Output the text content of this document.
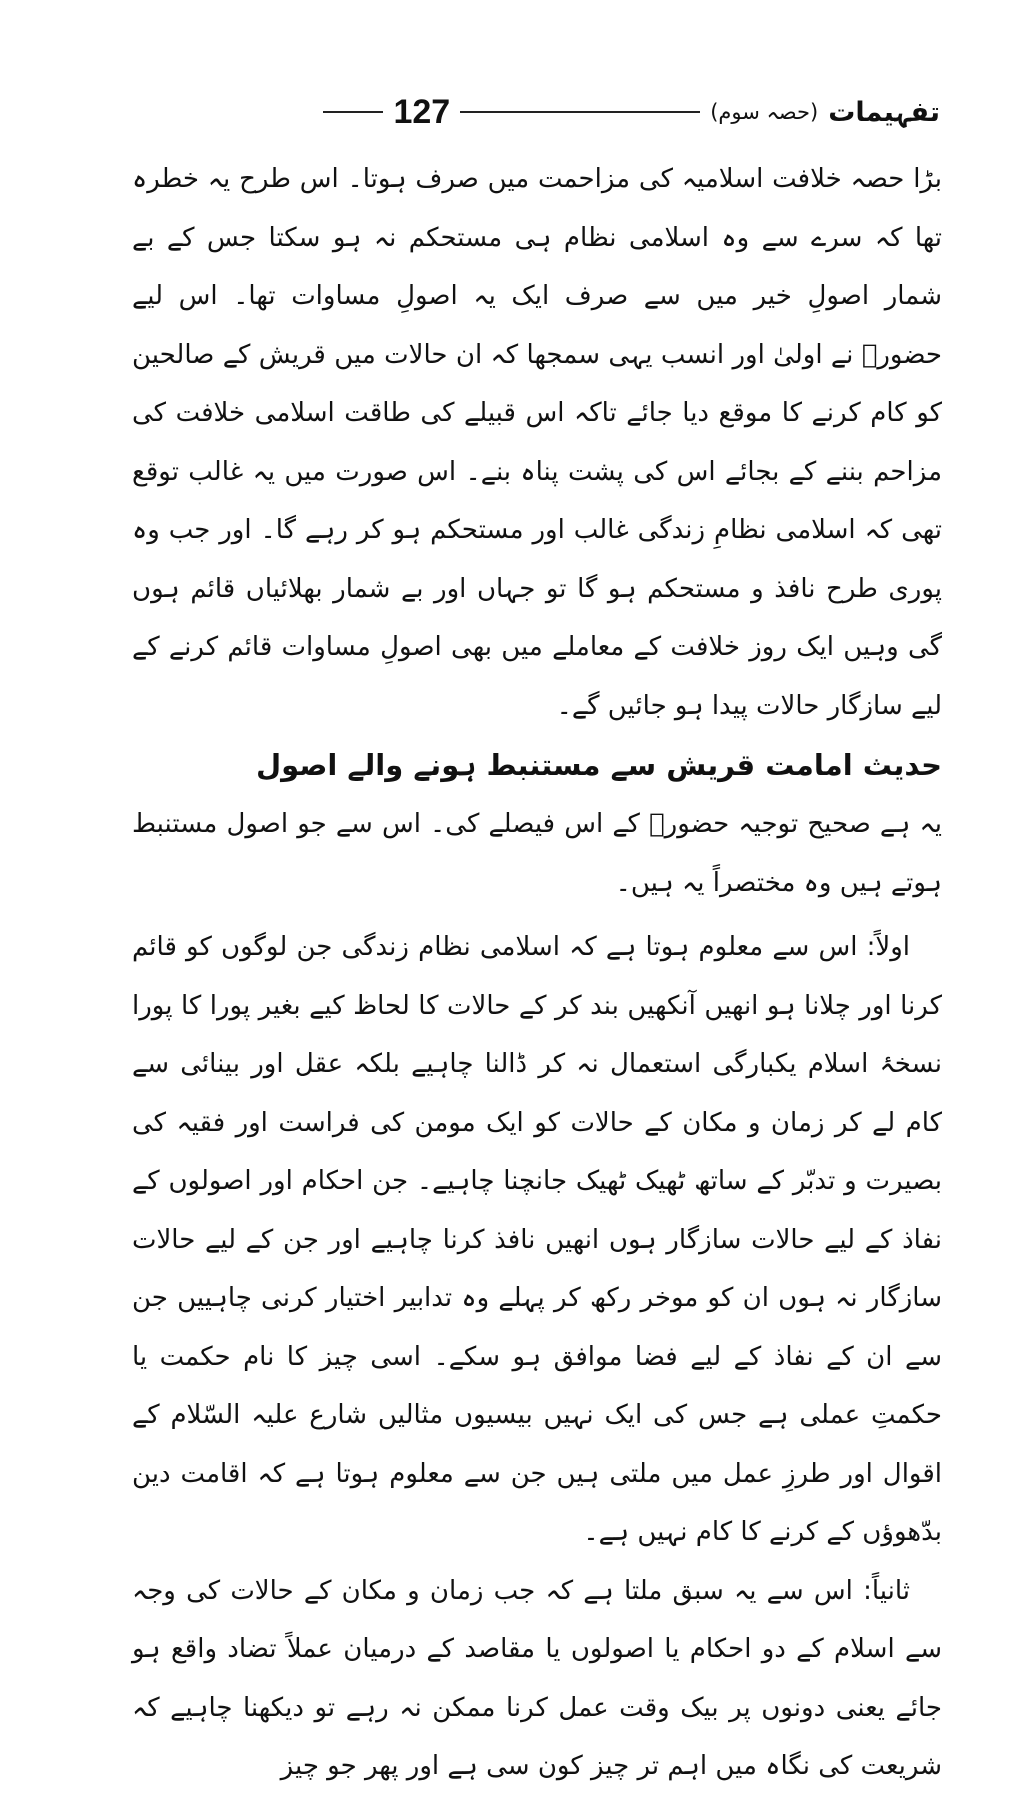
تفہیمات
(حصہ سوم)
127

بڑا حصہ خلافت اسلامیہ کی مزاحمت میں صرف ہوتا۔ اس طرح یہ خطرہ تھا کہ سرے سے وہ اسلامی نظام ہی مستحکم نہ ہو سکتا جس کے بے شمار اصولِ خیر میں سے صرف ایک یہ اصولِ مساوات تھا۔ اس لیے حضورؐ نے اولیٰ اور انسب یہی سمجھا کہ ان حالات میں قریش کے صالحین کو کام کرنے کا موقع دیا جائے تاکہ اس قبیلے کی طاقت اسلامی خلافت کی مزاحم بننے کے بجائے اس کی پشت پناہ بنے۔ اس صورت میں یہ غالب توقع تھی کہ اسلامی نظامِ زندگی غالب اور مستحکم ہو کر رہے گا۔ اور جب وہ پوری طرح نافذ و مستحکم ہو گا تو جہاں اور بے شمار بھلائیاں قائم ہوں گی وہیں ایک روز خلافت کے معاملے میں بھی اصولِ مساوات قائم کرنے کے لیے سازگار حالات پیدا ہو جائیں گے۔

حدیث امامت قریش سے مستنبط ہونے والے اصول

یہ ہے صحیح توجیہ حضورؐ کے اس فیصلے کی۔ اس سے جو اصول مستنبط ہوتے ہیں وہ مختصراً یہ ہیں۔

اولاً: اس سے معلوم ہوتا ہے کہ اسلامی نظام زندگی جن لوگوں کو قائم کرنا اور چلانا ہو انھیں آنکھیں بند کر کے حالات کا لحاظ کیے بغیر پورا کا پورا نسخۂ اسلام یکبارگی استعمال نہ کر ڈالنا چاہیے بلکہ عقل اور بینائی سے کام لے کر زمان و مکان کے حالات کو ایک مومن کی فراست اور فقیہ کی بصیرت و تدبّر کے ساتھ ٹھیک ٹھیک جانچنا چاہیے۔ جن احکام اور اصولوں کے نفاذ کے لیے حالات سازگار ہوں انھیں نافذ کرنا چاہیے اور جن کے لیے حالات سازگار نہ ہوں ان کو موخر رکھ کر پہلے وہ تدابیر اختیار کرنی چاہییں جن سے ان کے نفاذ کے لیے فضا موافق ہو سکے۔ اسی چیز کا نام حکمت یا حکمتِ عملی ہے جس کی ایک نہیں بیسیوں مثالیں شارع علیہ السّلام کے اقوال اور طرزِ عمل میں ملتی ہیں جن سے معلوم ہوتا ہے کہ اقامت دین بدّھوؤں کے کرنے کا کام نہیں ہے۔

ثانیاً: اس سے یہ سبق ملتا ہے کہ جب زمان و مکان کے حالات کی وجہ سے اسلام کے دو احکام یا اصولوں یا مقاصد کے درمیان عملاً تضاد واقع ہو جائے یعنی دونوں پر بیک وقت عمل کرنا ممکن نہ رہے تو دیکھنا چاہیے کہ شریعت کی نگاہ میں اہم تر چیز کون سی ہے اور پھر جو چیز
